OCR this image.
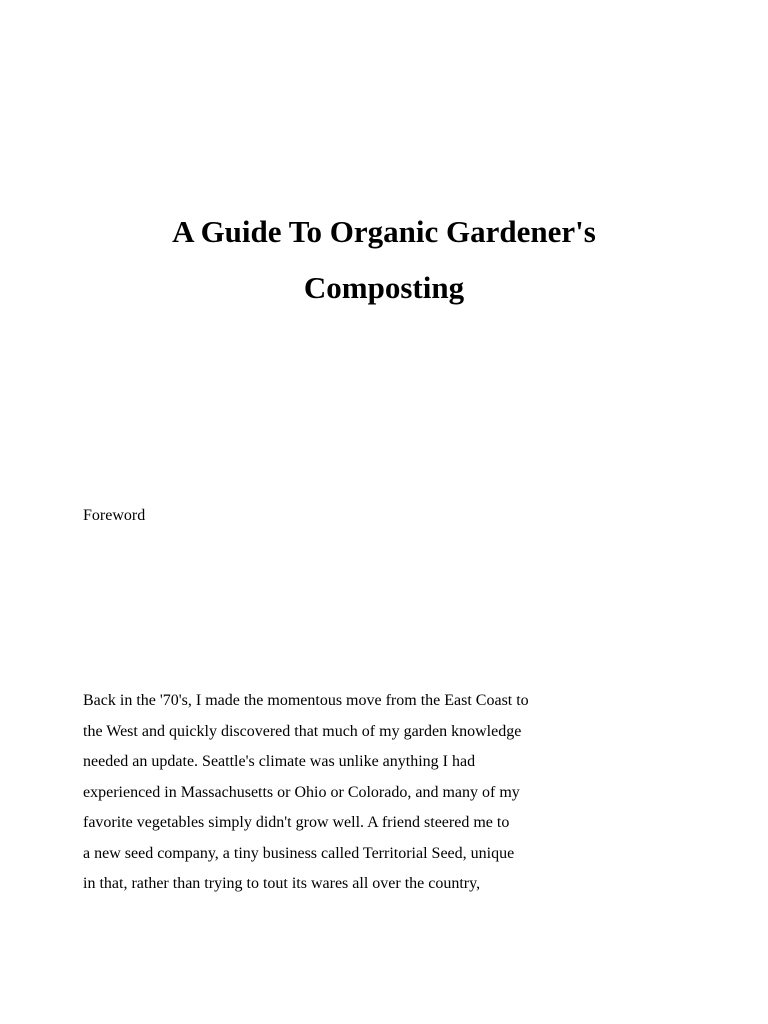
A Guide To Organic Gardener's
Composting
Foreword

Back in the '70's, I made the momentous move from the East Coast to
the West and quickly discovered that much of my garden knowledge
needed an update. Seattle's climate was unlike anything I had
experienced in Massachusetts or Ohio or Colorado, and many of my
favorite vegetables simply didn't grow well. A friend steered me to
a new seed company, a tiny business called Territorial Seed, unique
in that, rather than trying to tout its wares all over the country,
